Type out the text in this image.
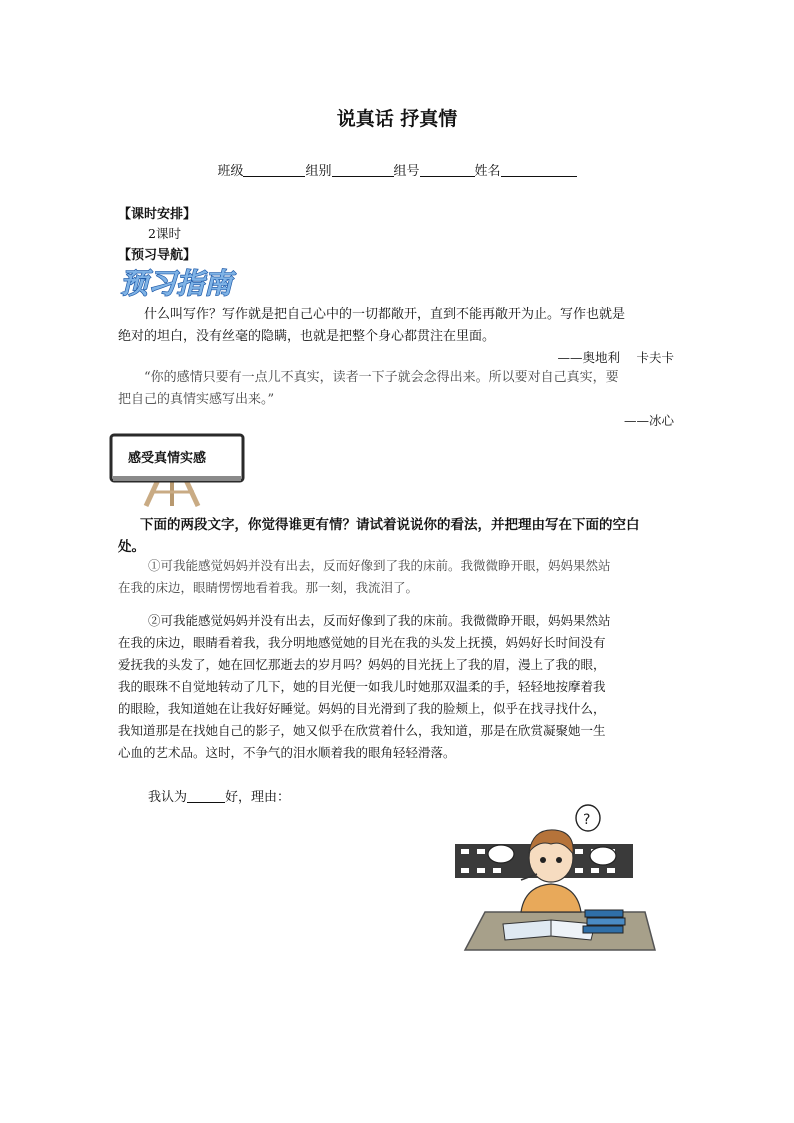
说真话 抒真情
班级	组别	组号	姓名
【课时安排】
2课时
【预习导航】
预习指南
什么叫写作？写作就是把自己心中的一切都敞开，直到不能再敞开为止。写作也就是
绝对的坦白，没有丝毫的隐瞒，也就是把整个身心都贯注在里面。
——奥地利　 卡夫卡
“你的感情只要有一点儿不真实，读者一下子就会念得出来。所以要对自己真实，要
把自己的真情实感写出来。”
——冰心
感受真情实感
下面的两段文字，你觉得谁更有情？请试着说说你的看法，并把理由写在下面的空白
处。
①可我能感觉妈妈并没有出去，反而好像到了我的床前。我微微睁开眼，妈妈果然站
在我的床边，眼睛愣愣地看着我。那一刻，我流泪了。
②可我能感觉妈妈并没有出去，反而好像到了我的床前。我微微睁开眼，妈妈果然站
在我的床边，眼睛看着我，我分明地感觉她的目光在我的头发上抚摸，妈妈好长时间没有
爱抚我的头发了，她在回忆那逝去的岁月吗？妈妈的目光抚上了我的眉，漫上了我的眼，
我的眼珠不自觉地转动了几下，她的目光便一如我儿时她那双温柔的手，轻轻地按摩着我
的眼睑，我知道她在让我好好睡觉。妈妈的目光滑到了我的脸颊上，似乎在找寻找什么，
我知道那是在找她自己的影子，她又似乎在欣赏着什么，我知道，那是在欣赏凝聚她一生
心血的艺术品。这时，不争气的泪水顺着我的眼角轻轻滑落。
我认为	好，理由：
?
